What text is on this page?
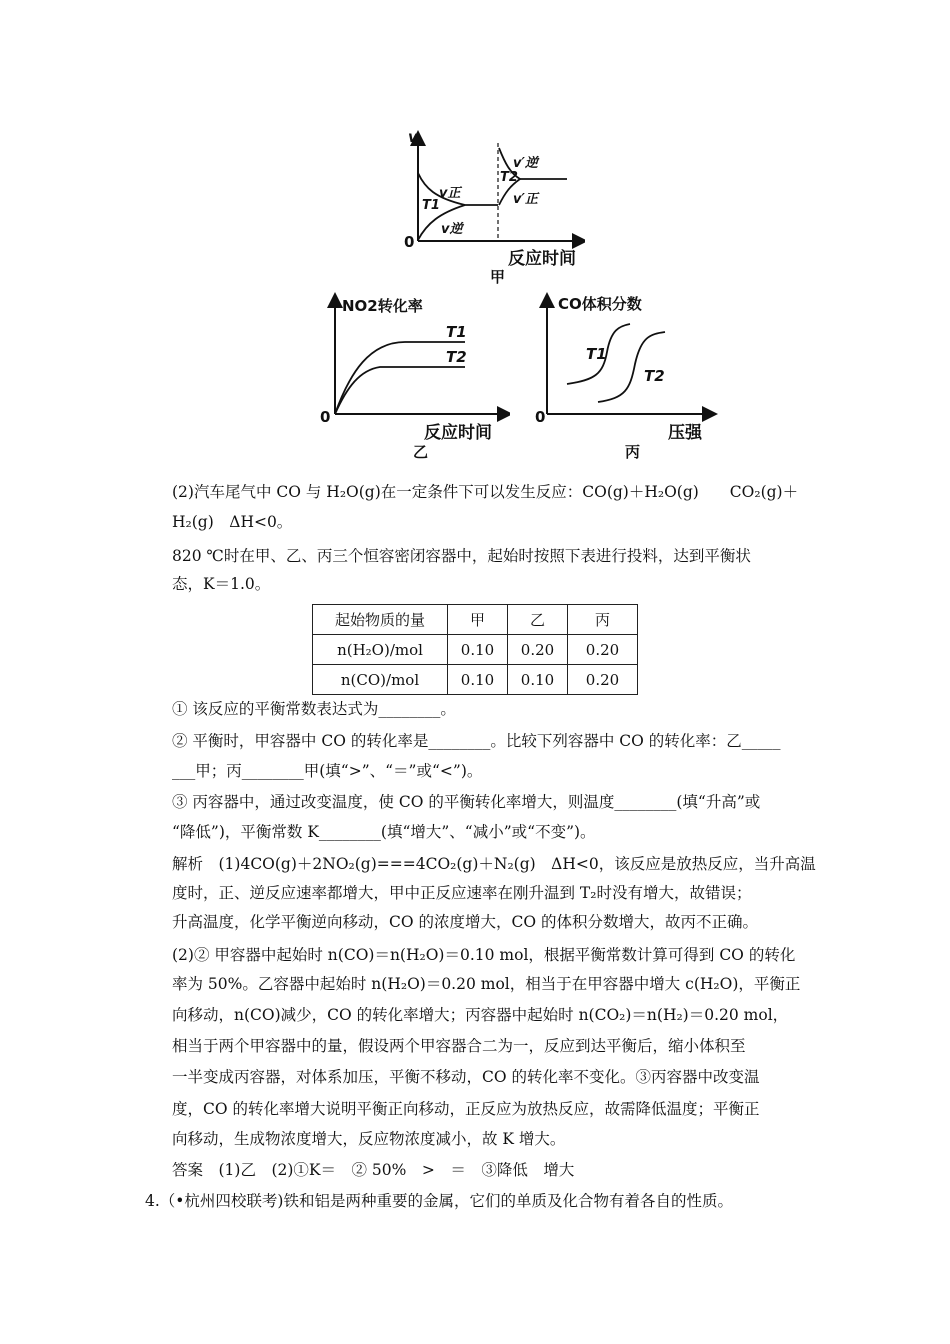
v
0
反应时间
甲
v正
T1
v逆
v′逆
T2
v′正
NO2转化率
0
反应时间
乙
T1
T2
CO体积分数
0
压强
丙
T1
T2
(2)汽车尾气中 CO 与 H₂O(g)在一定条件下可以发生反应：CO(g)＋H₂O(g)　　CO₂(g)＋
H₂(g)　ΔH<0。
820 ℃时在甲、乙、丙三个恒容密闭容器中，起始时按照下表进行投料，达到平衡状
态，K＝1.0。
起始物质的量	甲	乙	丙
n(H₂O)/mol	0.10	0.20	0.20
n(CO)/mol	0.10	0.10	0.20
① 该反应的平衡常数表达式为________。
② 平衡时，甲容器中 CO 的转化率是________。比较下列容器中 CO 的转化率：乙_____
___甲；丙________甲(填“>”、“＝”或“<”)。
③ 丙容器中，通过改变温度，使 CO 的平衡转化率增大，则温度________(填“升高”或
“降低”)，平衡常数 K________(填“增大”、“减小”或“不变”)。
解析　(1)4CO(g)＋2NO₂(g)===4CO₂(g)＋N₂(g)　ΔH<0，该反应是放热反应，当升高温
度时，正、逆反应速率都增大，甲中正反应速率在刚升温到 T₂时没有增大，故错误；
升高温度，化学平衡逆向移动，CO 的浓度增大，CO 的体积分数增大，故丙不正确。
(2)② 甲容器中起始时 n(CO)＝n(H₂O)＝0.10 mol，根据平衡常数计算可得到 CO 的转化
率为 50%。乙容器中起始时 n(H₂O)＝0.20 mol，相当于在甲容器中增大 c(H₂O)，平衡正
向移动，n(CO)减少，CO 的转化率增大；丙容器中起始时 n(CO₂)＝n(H₂)＝0.20 mol，
相当于两个甲容器中的量，假设两个甲容器合二为一，反应到达平衡后，缩小体积至
一半变成丙容器，对体系加压，平衡不移动，CO 的转化率不变化。③丙容器中改变温
度，CO 的转化率增大说明平衡正向移动，正反应为放热反应，故需降低温度；平衡正
向移动，生成物浓度增大，反应物浓度减小，故 K 增大。
答案　(1)乙　(2)①K＝　② 50%　>　＝　③降低　增大
4.（•杭州四校联考)铁和铝是两种重要的金属，它们的单质及化合物有着各自的性质。
